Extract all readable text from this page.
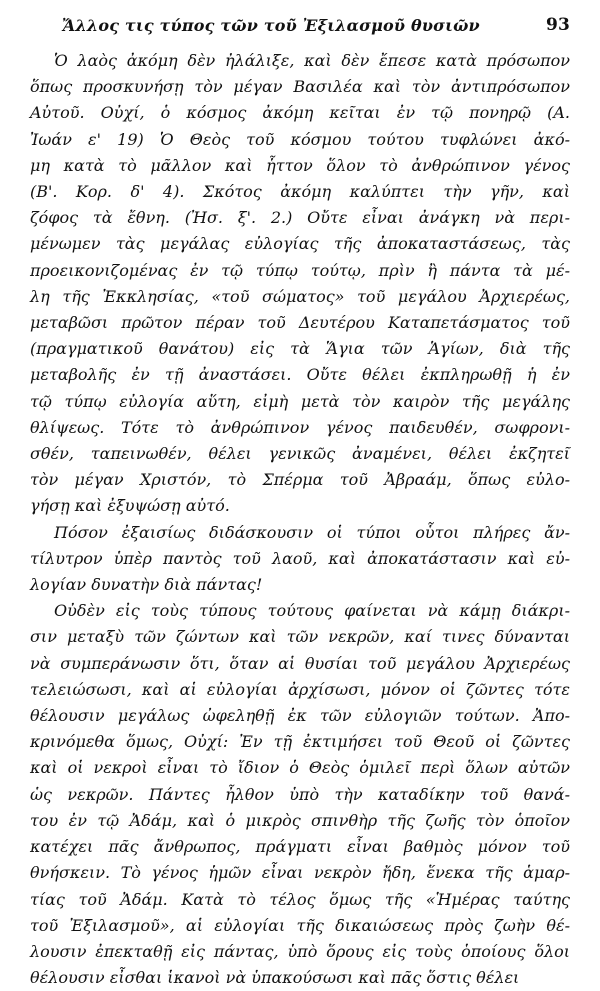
Ἄλλος τις τύπος τῶν τοῦ Ἐξιλασμοῦ θυσιῶν	93
Ὁ λαὸς ἀκόμη δὲν ἠλάλιξε, καὶ δὲν ἔπεσε κατὰ πρόσωπον
ὅπως προσκυνήσῃ τὸν μέγαν Βασιλέα καὶ τὸν ἀντιπρόσωπον
Αὐτοῦ. Οὐχί, ὁ κόσμος ἀκόμη κεῖται ἐν τῷ πονηρῷ (Α.
Ἰωάν ε' 19) Ὁ Θεὸς τοῦ κόσμου τούτου τυφλώνει ἀκό-
μη κατὰ τὸ μᾶλλον καὶ ἧττον ὅλον τὸ ἀνθρώπινον γένος
(Β'. Κορ. δ' 4). Σκότος ἀκόμη καλύπτει τὴν γῆν, καὶ
ζόφος τὰ ἔθνη. (Ἠσ. ξ'. 2.) Οὔτε εἶναι ἀνάγκη νὰ περι-
μένωμεν τὰς μεγάλας εὐλογίας τῆς ἀποκαταστάσεως, τὰς
προεικονιζομένας ἐν τῷ τύπῳ τούτῳ, πρὶν ἢ πάντα τὰ μέ-
λη τῆς Ἐκκλησίας, «τοῦ σώματος» τοῦ μεγάλου Ἀρχιερέως,
μεταβῶσι πρῶτον πέραν τοῦ Δευτέρου Καταπετάσματος τοῦ
(πραγματικοῦ θανάτου) εἰς τὰ Ἅγια τῶν Ἁγίων, διὰ τῆς
μεταβολῆς ἐν τῇ ἀναστάσει. Οὔτε θέλει ἐκπληρωθῇ ἡ ἐν
τῷ τύπῳ εὐλογία αὕτη, εἰμὴ μετὰ τὸν καιρὸν τῆς μεγάλης
θλίψεως. Τότε τὸ ἀνθρώπινον γένος παιδευθέν, σωφρονι-
σθέν, ταπεινωθέν, θέλει γενικῶς ἀναμένει, θέλει ἐκζητεῖ
τὸν μέγαν Χριστόν, τὸ Σπέρμα τοῦ Ἀβραάμ, ὅπως εὐλο-
γήσῃ καὶ ἐξυψώσῃ αὐτό.
Πόσον ἐξαισίως διδάσκουσιν οἱ τύποι οὗτοι πλήρες ἄν-
τίλυτρον ὑπὲρ παντὸς τοῦ λαοῦ, καὶ ἀποκατάστασιν καὶ εὐ-
λογίαν δυνατὴν διὰ πάντας!
Οὐδὲν εἰς τοὺς τύπους τούτους φαίνεται νὰ κάμῃ διάκρι-
σιν μεταξὺ τῶν ζώντων καὶ τῶν νεκρῶν, καί τινες δύνανται
νὰ συμπεράνωσιν ὅτι, ὅταν αἱ θυσίαι τοῦ μεγάλου Ἀρχιερέως
τελειώσωσι, καὶ αἱ εὐλογίαι ἀρχίσωσι, μόνον οἱ ζῶντες τότε
θέλουσιν μεγάλως ὠφεληθῇ ἐκ τῶν εὐλογιῶν τούτων. Ἀπο-
κρινόμεθα ὅμως, Οὐχί: Ἐν τῇ ἐκτιμήσει τοῦ Θεοῦ οἱ ζῶντες
καὶ οἱ νεκροὶ εἶναι τὸ ἴδιον ὁ Θεὸς ὁμιλεῖ περὶ ὅλων αὐτῶν
ὡς νεκρῶν. Πάντες ἦλθον ὑπὸ τὴν καταδίκην τοῦ θανά-
του ἐν τῷ Ἀδάμ, καὶ ὁ μικρὸς σπινθὴρ τῆς ζωῆς τὸν ὁποῖον
κατέχει πᾶς ἄνθρωπος, πράγματι εἶναι βαθμὸς μόνον τοῦ
θνήσκειν. Τὸ γένος ἡμῶν εἶναι νεκρὸν ἤδη, ἕνεκα τῆς ἁμαρ-
τίας τοῦ Ἀδάμ. Κατὰ τὸ τέλος ὅμως τῆς «Ἡμέρας ταύτης
τοῦ Ἐξιλασμοῦ», αἱ εὐλογίαι τῆς δικαιώσεως πρὸς ζωὴν θέ-
λουσιν ἐπεκταθῇ εἰς πάντας, ὑπὸ ὅρους εἰς τοὺς ὁποίους ὅλοι
θέλουσιν εἶσθαι ἱκανοὶ νὰ ὑπακούσωσι καὶ πᾶς ὅστις θέλει
